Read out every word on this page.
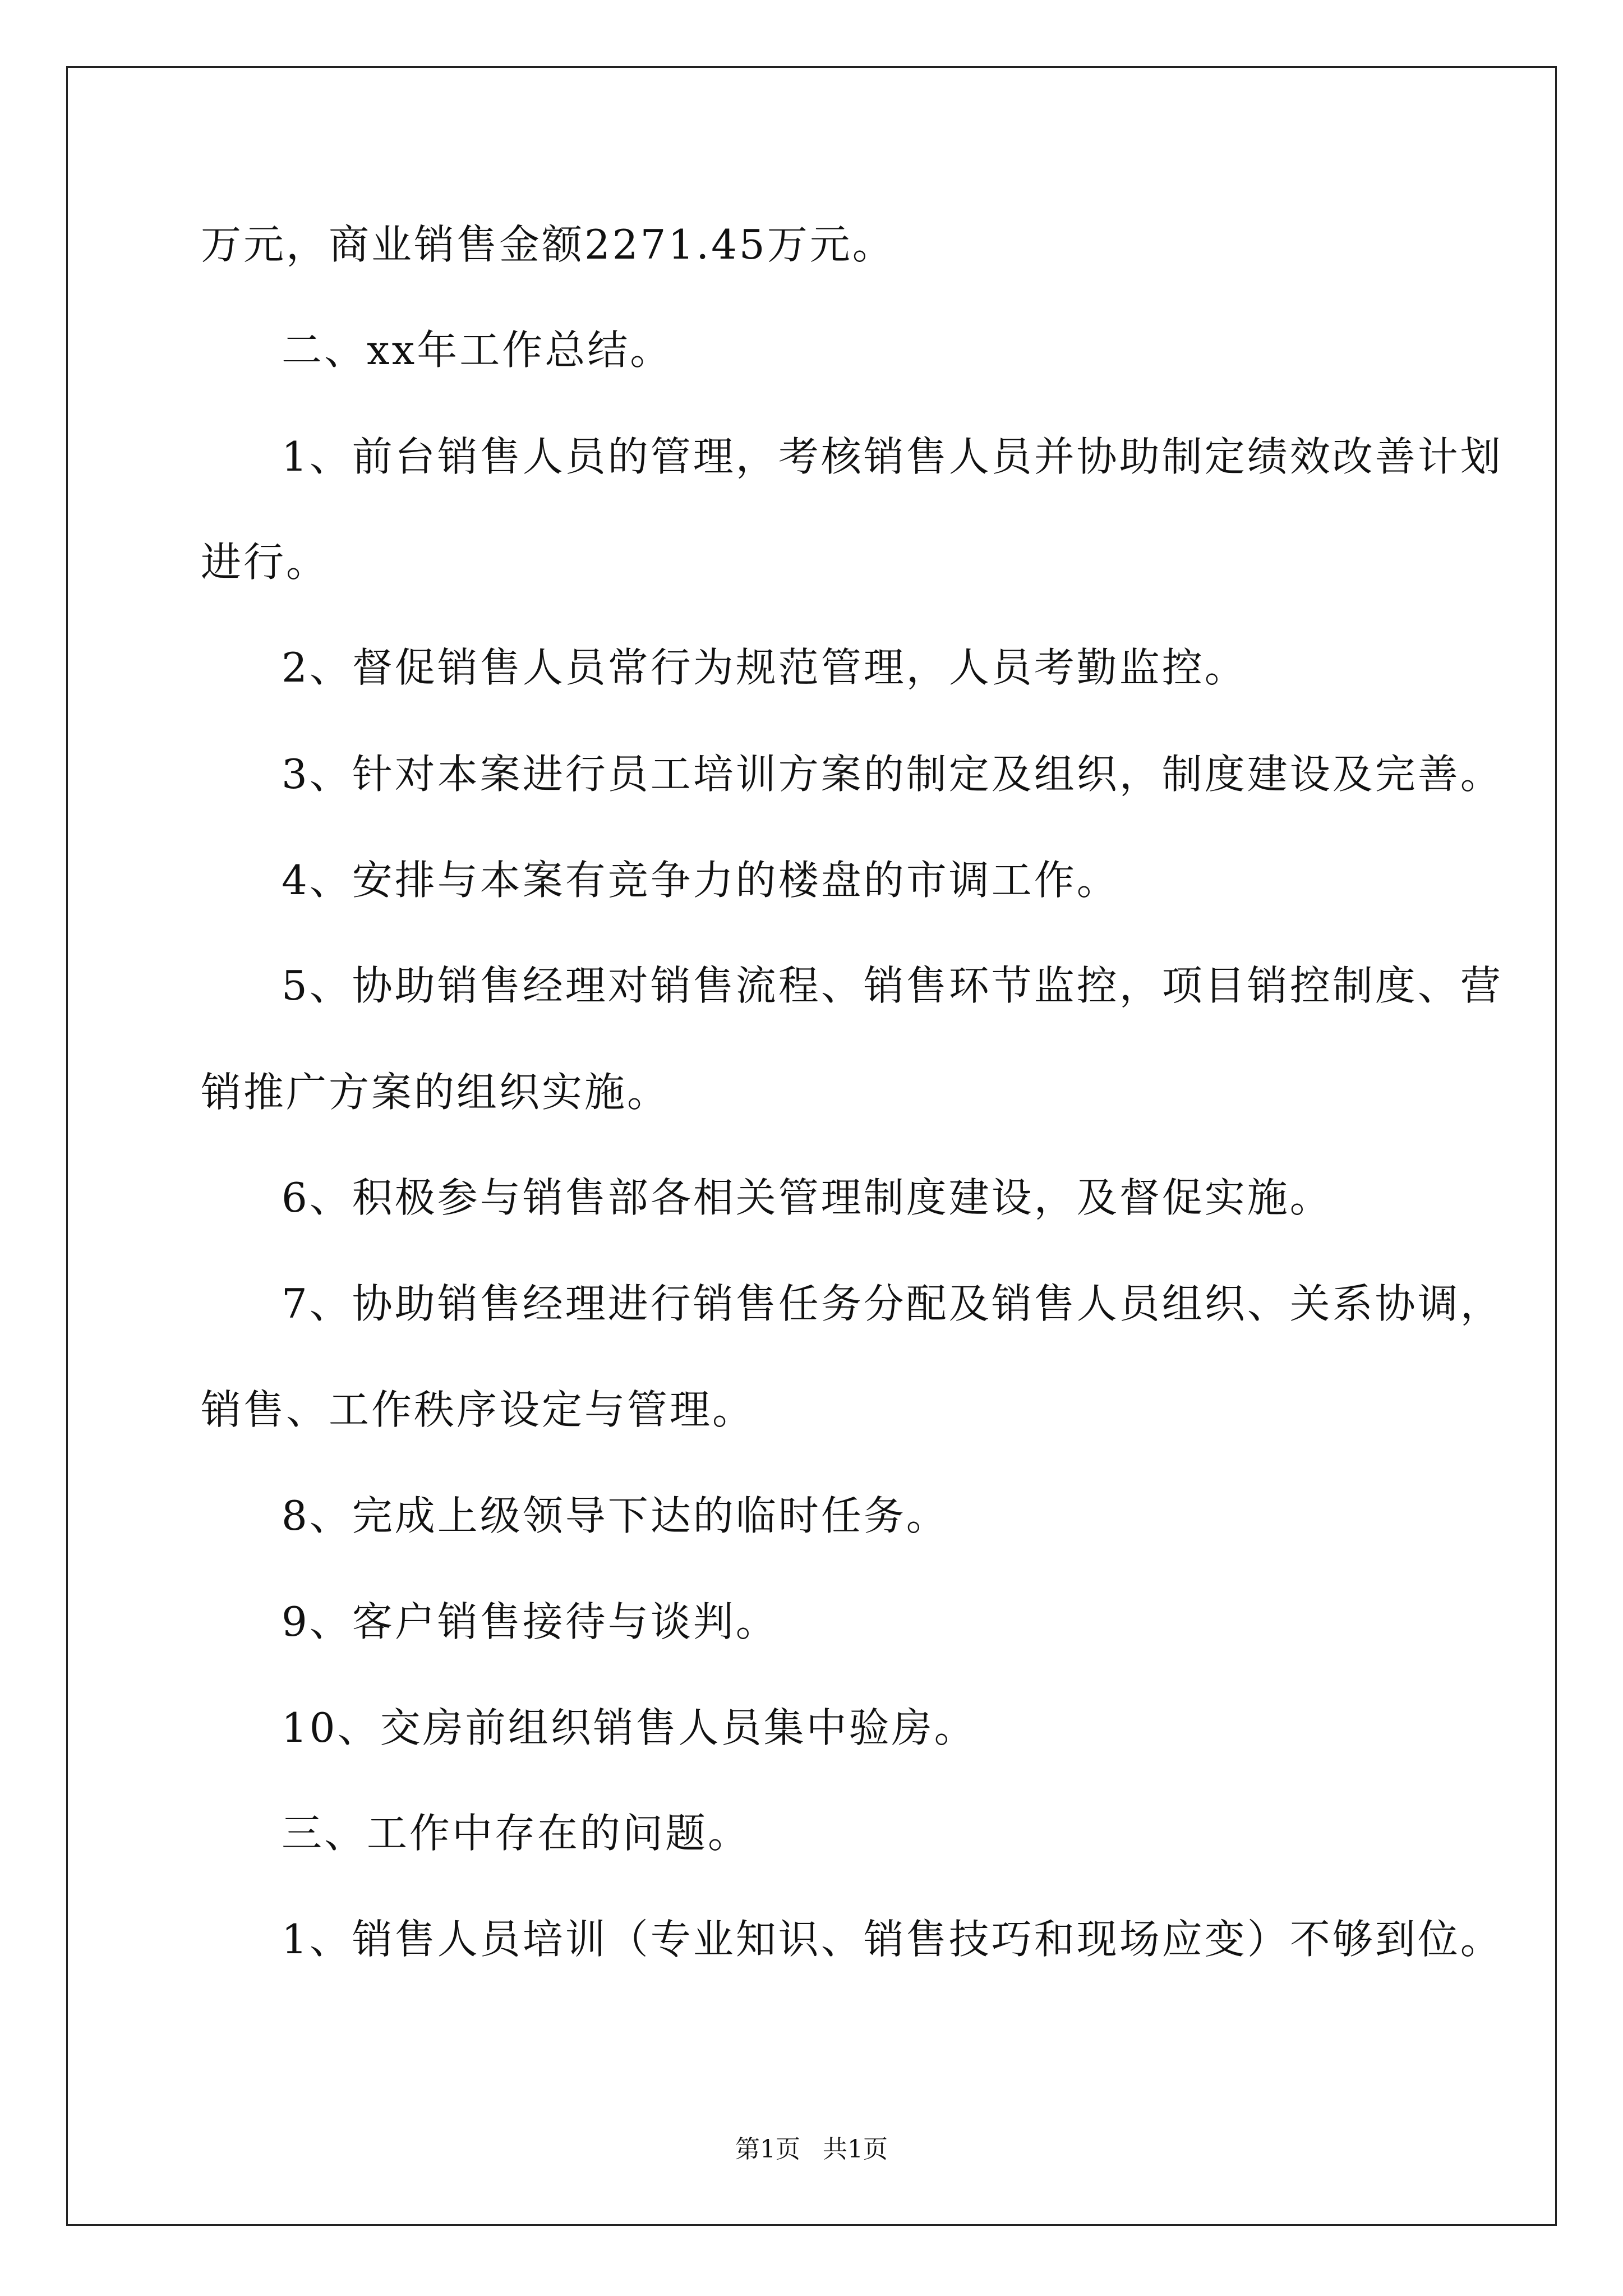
万元，商业销售金额2271.45万元。
二、xx年工作总结。
1、前台销售人员的管理，考核销售人员并协助制定绩效改善计划
进行。
2、督促销售人员常行为规范管理，人员考勤监控。
3、针对本案进行员工培训方案的制定及组织，制度建设及完善。
4、安排与本案有竞争力的楼盘的市调工作。
5、协助销售经理对销售流程、销售环节监控，项目销控制度、营
销推广方案的组织实施。
6、积极参与销售部各相关管理制度建设，及督促实施。
7、协助销售经理进行销售任务分配及销售人员组织、关系协调，
销售、工作秩序设定与管理。
8、完成上级领导下达的临时任务。
9、客户销售接待与谈判。
10、交房前组织销售人员集中验房。
三、工作中存在的问题。
1、销售人员培训（专业知识、销售技巧和现场应变）不够到位。
第1页 共1页
